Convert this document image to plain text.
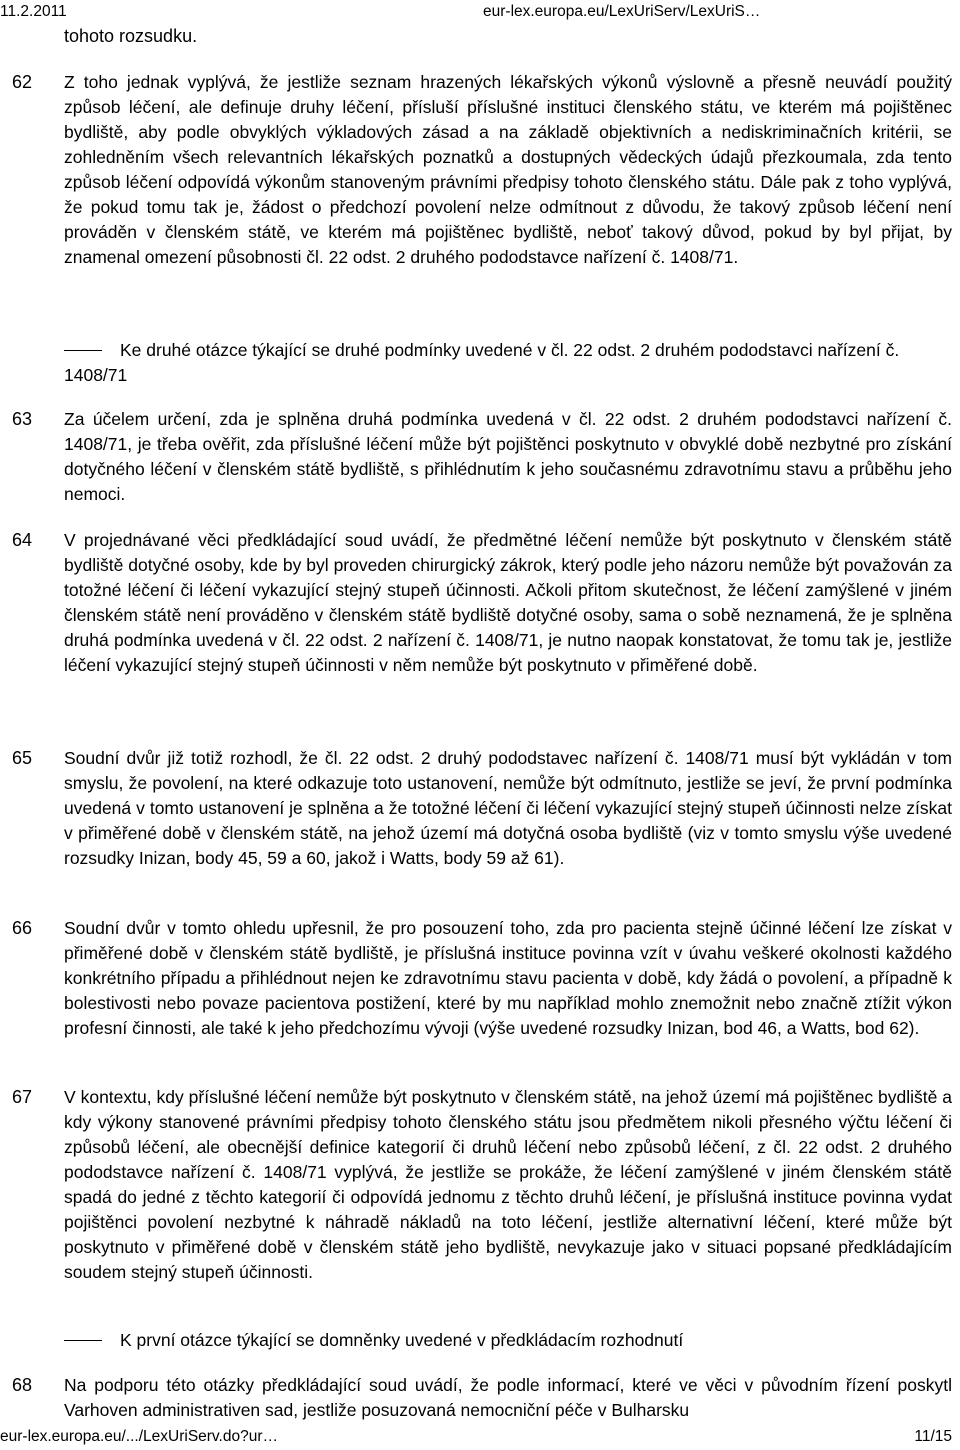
11.2.2011	eur-lex.europa.eu/LexUriServ/LexUriS…

tohoto rozsudku.

62	Z toho jednak vyplývá, že jestliže seznam hrazených lékařských výkonů výslovně a přesně neuvádí použitý způsob léčení, ale definuje druhy léčení, přísluší příslušné instituci členského státu, ve kterém má pojištěnec bydliště, aby podle obvyklých výkladových zásad a na základě objektivních a nediskriminačních kritérii, se zohledněním všech relevantních lékařských poznatků a dostupných vědeckých údajů přezkoumala, zda tento způsob léčení odpovídá výkonům stanoveným právními předpisy tohoto členského státu. Dále pak z toho vyplývá, že pokud tomu tak je, žádost o předchozí povolení nelze odmítnout z důvodu, že takový způsob léčení není prováděn v členském státě, ve kterém má pojištěnec bydliště, neboť takový důvod, pokud by byl přijat, by znamenal omezení působnosti čl. 22 odst. 2 druhého pododstavce nařízení č. 1408/71.

Ke druhé otázce týkající se druhé podmínky uvedené v čl. 22 odst. 2 druhém pododstavci nařízení č. 1408/71

63	Za účelem určení, zda je splněna druhá podmínka uvedená v čl. 22 odst. 2 druhém pododstavci nařízení č. 1408/71, je třeba ověřit, zda příslušné léčení může být pojištěnci poskytnuto v obvyklé době nezbytné pro získání dotyčného léčení v členském státě bydliště, s přihlédnutím k jeho současnému zdravotnímu stavu a průběhu jeho nemoci.

64	V projednávané věci předkládající soud uvádí, že předmětné léčení nemůže být poskytnuto v členském státě bydliště dotyčné osoby, kde by byl proveden chirurgický zákrok, který podle jeho názoru nemůže být považován za totožné léčení či léčení vykazující stejný stupeň účinnosti. Ačkoli přitom skutečnost, že léčení zamýšlené v jiném členském státě není prováděno v členském státě bydliště dotyčné osoby, sama o sobě neznamená, že je splněna druhá podmínka uvedená v čl. 22 odst. 2 nařízení č. 1408/71, je nutno naopak konstatovat, že tomu tak je, jestliže léčení vykazující stejný stupeň účinnosti v něm nemůže být poskytnuto v přiměřené době.

65	Soudní dvůr již totiž rozhodl, že čl. 22 odst. 2 druhý pododstavec nařízení č. 1408/71 musí být vykládán v tom smyslu, že povolení, na které odkazuje toto ustanovení, nemůže být odmítnuto, jestliže se jeví, že první podmínka uvedená v tomto ustanovení je splněna a že totožné léčení či léčení vykazující stejný stupeň účinnosti nelze získat v přiměřené době v členském státě, na jehož území má dotyčná osoba bydliště (viz v tomto smyslu výše uvedené rozsudky Inizan, body 45, 59 a 60, jakož i Watts, body 59 až 61).

66	Soudní dvůr v tomto ohledu upřesnil, že pro posouzení toho, zda pro pacienta stejně účinné léčení lze získat v přiměřené době v členském státě bydliště, je příslušná instituce povinna vzít v úvahu veškeré okolnosti každého konkrétního případu a přihlédnout nejen ke zdravotnímu stavu pacienta v době, kdy žádá o povolení, a případně k bolestivosti nebo povaze pacientova postižení, které by mu například mohlo znemožnit nebo značně ztížit výkon profesní činnosti, ale také k jeho předchozímu vývoji (výše uvedené rozsudky Inizan, bod 46, a Watts, bod 62).

67	V kontextu, kdy příslušné léčení nemůže být poskytnuto v členském státě, na jehož území má pojištěnec bydliště a kdy výkony stanovené právními předpisy tohoto členského státu jsou předmětem nikoli přesného výčtu léčení či způsobů léčení, ale obecnější definice kategorií či druhů léčení nebo způsobů léčení, z čl. 22 odst. 2 druhého pododstavce nařízení č. 1408/71 vyplývá, že jestliže se prokáže, že léčení zamýšlené v jiném členském státě spadá do jedné z těchto kategorií či odpovídá jednomu z těchto druhů léčení, je příslušná instituce povinna vydat pojištěnci povolení nezbytné k náhradě nákladů na toto léčení, jestliže alternativní léčení, které může být poskytnuto v přiměřené době v členském státě jeho bydliště, nevykazuje jako v situaci popsané předkládajícím soudem stejný stupeň účinnosti.

K první otázce týkající se domněnky uvedené v předkládacím rozhodnutí

68	Na podporu této otázky předkládající soud uvádí, že podle informací, které ve věci v původním řízení poskytl Varhoven administrativen sad, jestliže posuzovaná nemocniční péče v Bulharsku

eur-lex.europa.eu/.../LexUriServ.do?ur…	11/15
